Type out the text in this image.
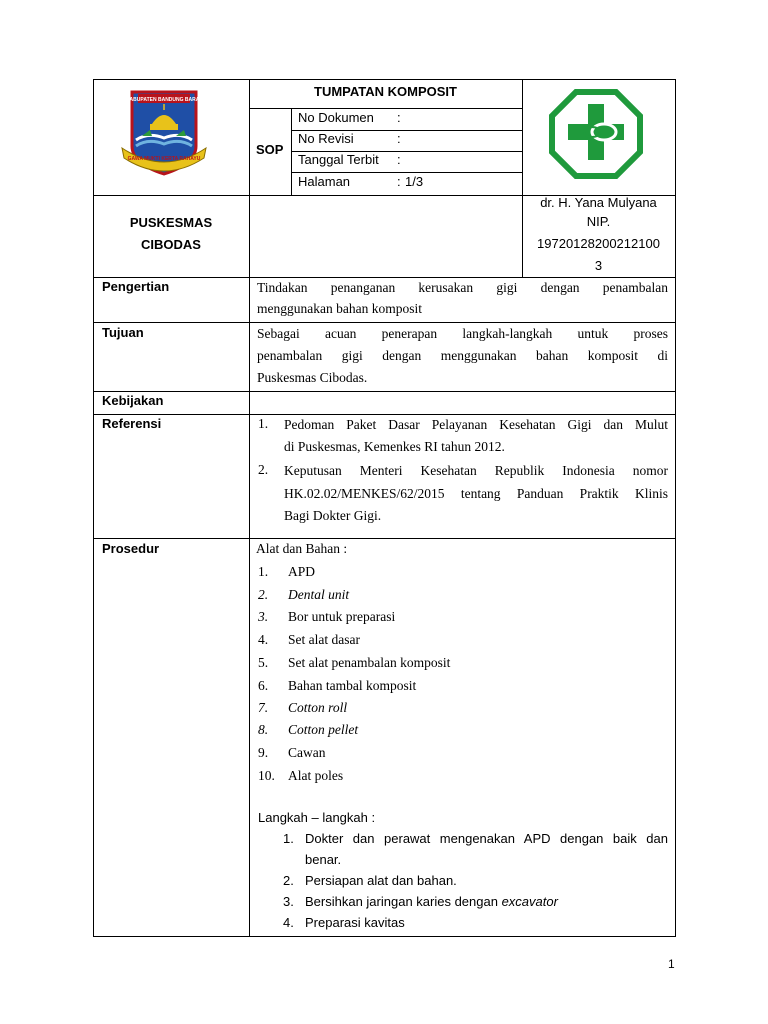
KABUPATEN BANDUNG BARAT
GAWA MUKTI KERTA RAHAYU
TUMPATAN KOMPOSIT
SOP
No Dokumen :
No Revisi	:
Tanggal Terbit :
Halaman	: 1/3
PUSKESMAS
CIBODAS
dr. H. Yana Mulyana
NIP.
19720128200212100
3
Pengertian	Tindakan penanganan kerusakan gigi dengan penambalan
menggunakan bahan komposit
Tujuan	Sebagai acuan penerapan langkah-langkah untuk proses
penambalan gigi dengan menggunakan bahan komposit di
Puskesmas Cibodas.
Kebijakan
Referensi	1. Pedoman Paket Dasar Pelayanan Kesehatan Gigi dan Mulut
di Puskesmas, Kemenkes RI tahun 2012.
2. Keputusan Menteri Kesehatan Republik Indonesia nomor
HK.02.02/MENKES/62/2015 tentang Panduan Praktik Klinis
Bagi Dokter Gigi.
Prosedur	Alat dan Bahan :
1. APD
2. Dental unit
3. Bor untuk preparasi
4. Set alat dasar
5. Set alat penambalan komposit
6. Bahan tambal komposit
7. Cotton roll
8. Cotton pellet
9. Cawan
10. Alat poles
Langkah – langkah :
1. Dokter dan perawat mengenakan APD dengan baik dan
benar.
2. Persiapan alat dan bahan.
3. Bersihkan jaringan karies dengan excavator
4. Preparasi kavitas
1
